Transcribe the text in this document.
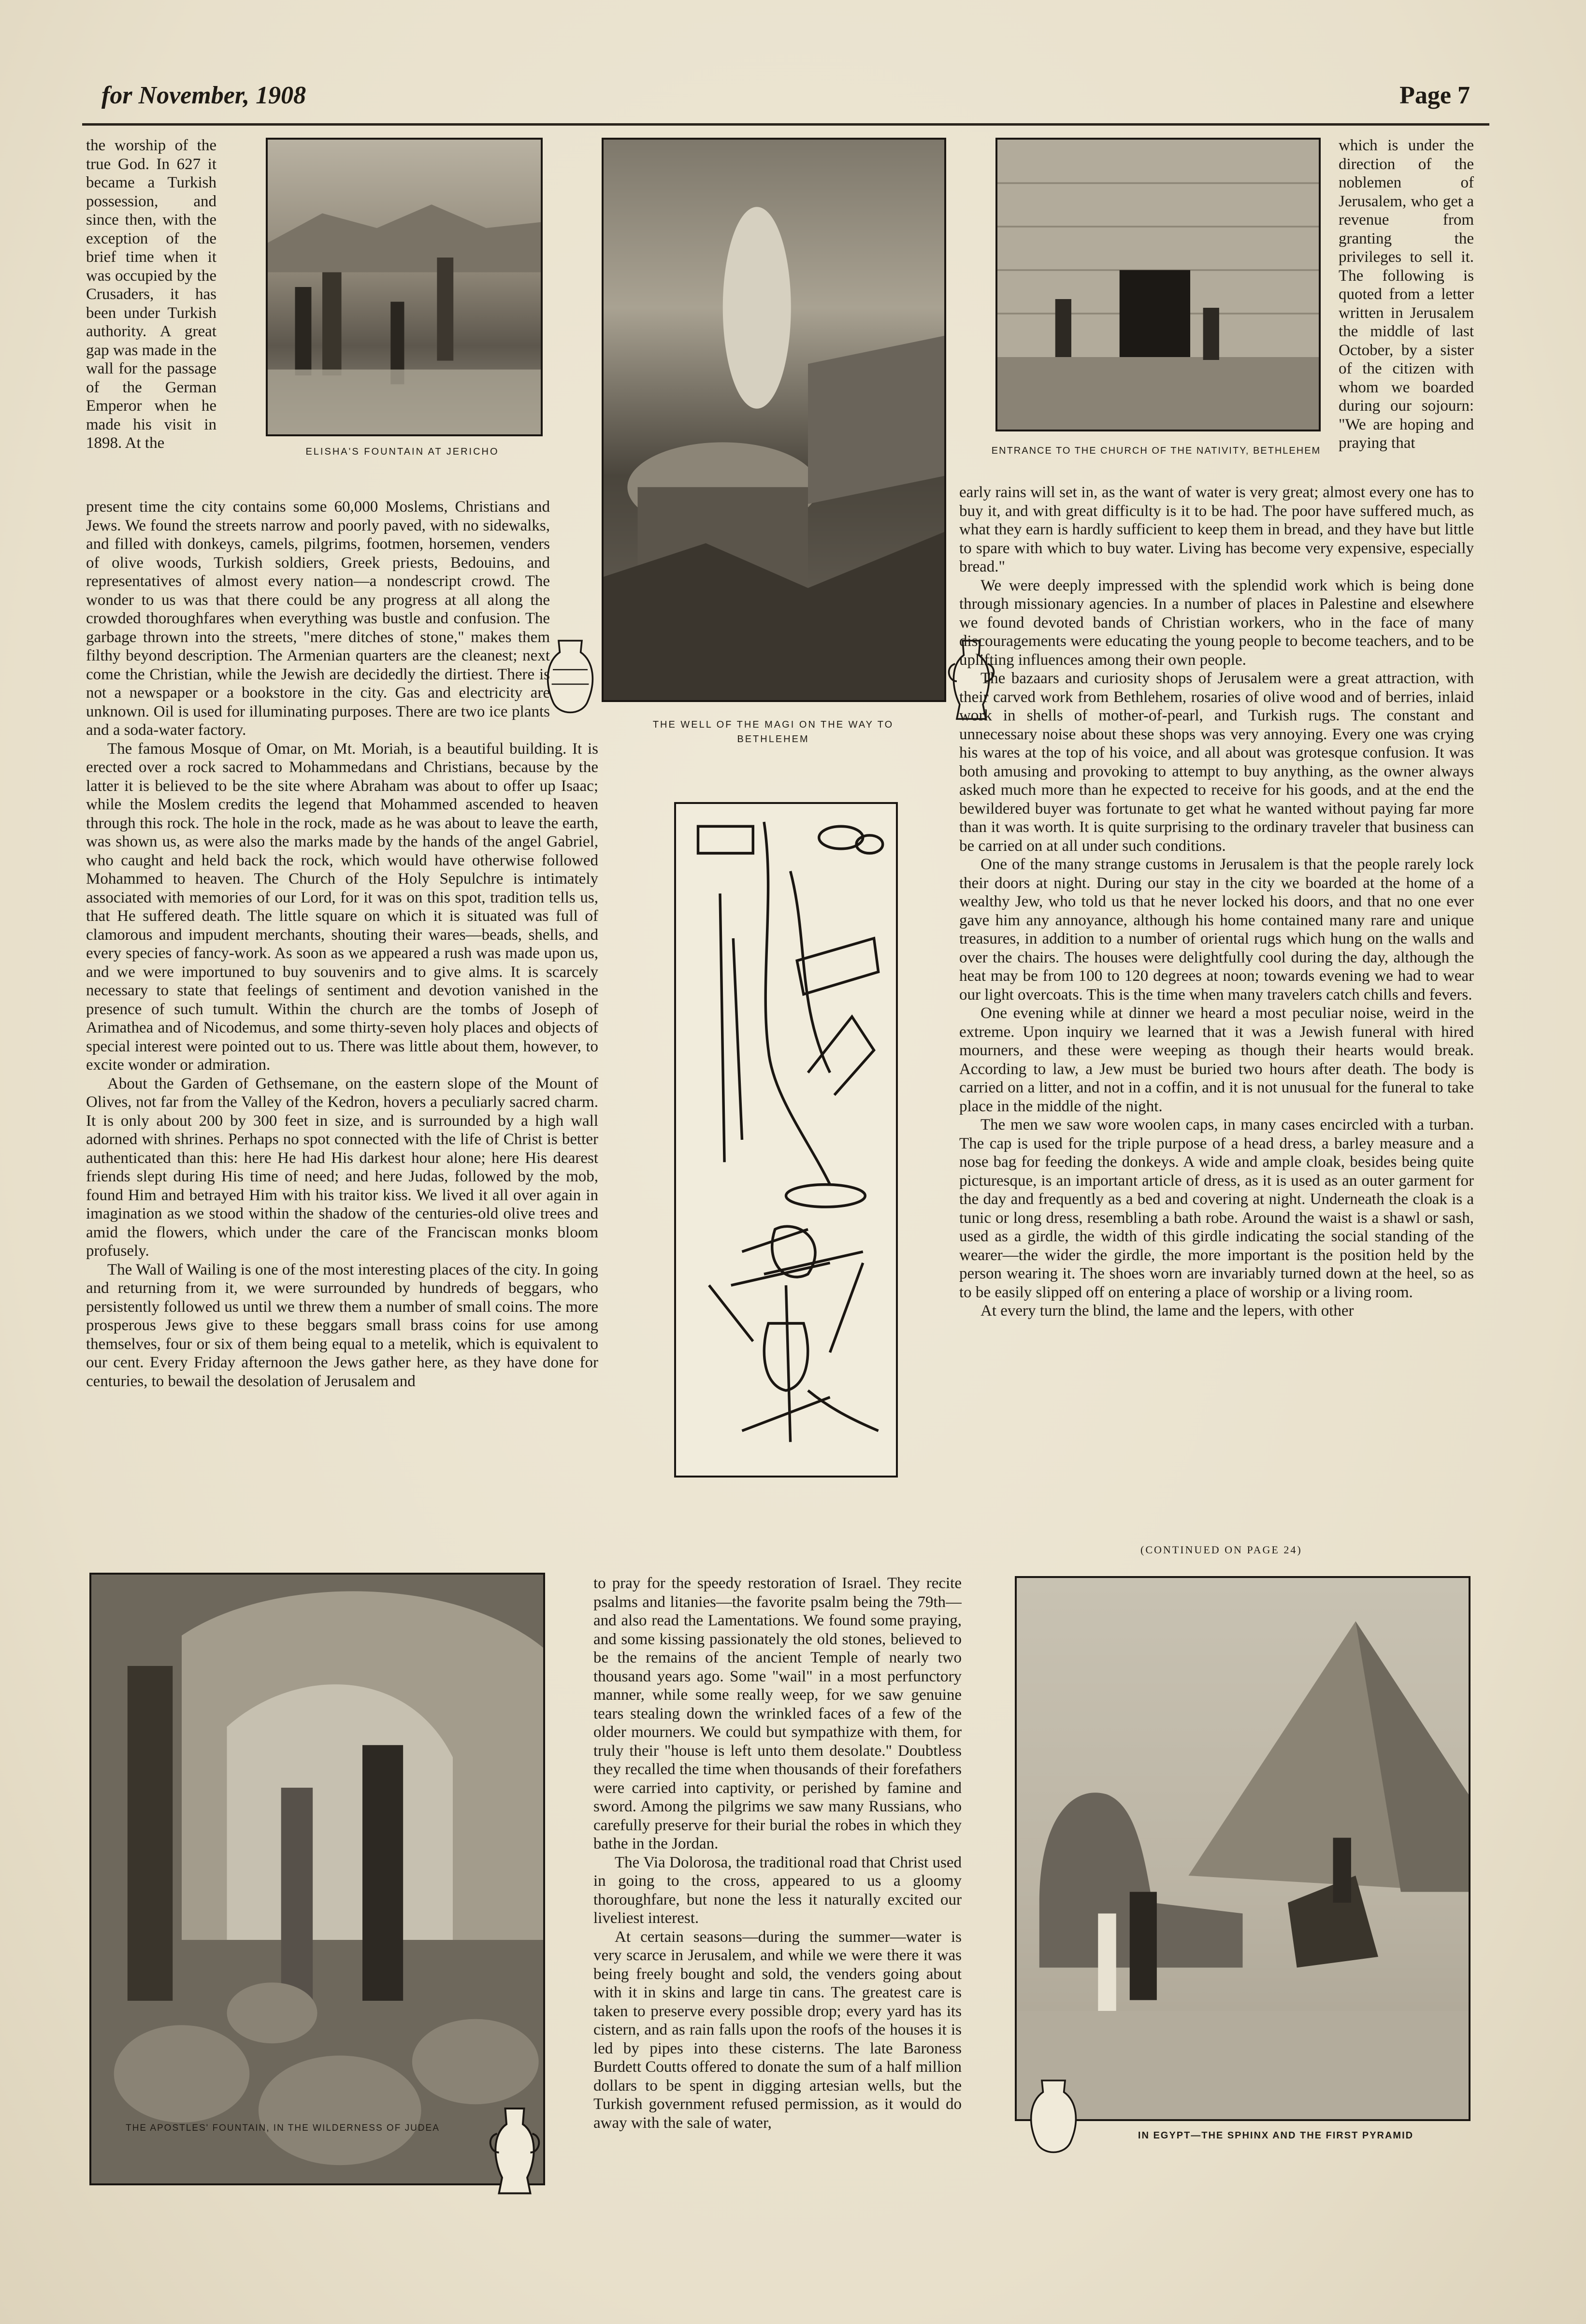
for November, 1908	Page 7

the worship of the true God. In 627 it became a Turkish possession, and since then, with the exception of the brief time when it was occupied by the Crusaders, it has been under Turkish authority. A great gap was made in the wall for the passage of the German Emperor when he made his visit in 1898. At the	ELISHA'S FOUNTAIN AT JERICHO
THE WELL OF THE MAGI ON THE WAY TO BETHLEHEM
ENTRANCE TO THE CHURCH OF THE NATIVITY, BETHLEHEM

which is under the direction of the noblemen of Jerusalem, who get a revenue from granting the privileges to sell it. The following is quoted from a letter written in Jerusalem the middle of last October, by a sister of the citizen with whom we boarded during our sojourn: "We are hoping and praying that

present time the city contains some 60,000 Moslems, Christians and Jews. We found the streets narrow and poorly paved, with no sidewalks, and filled with donkeys, camels, pilgrims, footmen, horsemen, venders of olive woods, Turkish soldiers, Greek priests, Bedouins, and representatives of almost every nation—a nondescript crowd. The wonder to us was that there could be any progress at all along the crowded thoroughfares when everything was bustle and confusion. The garbage thrown into the streets, "mere ditches of stone," makes them filthy beyond description. The Armenian quarters are the cleanest; next come the Christian, while the Jewish are decidedly the dirtiest. There is not a newspaper or a bookstore in the city. Gas and electricity are unknown. Oil is used for illuminating purposes. There are two ice plants and a soda-water factory.

The famous Mosque of Omar, on Mt. Moriah, is a beautiful building. It is erected over a rock sacred to Mohammedans and Christians, because by the latter it is believed to be the site where Abraham was about to offer up Isaac; while the Moslem credits the legend that Mohammed ascended to heaven through this rock. The hole in the rock, made as he was about to leave the earth, was shown us, as were also the marks made by the hands of the angel Gabriel, who caught and held back the rock, which would have otherwise followed Mohammed to heaven. The Church of the Holy Sepulchre is intimately associated with memories of our Lord, for it was on this spot, tradition tells us, that He suffered death. The little square on which it is situated was full of clamorous and impudent merchants, shouting their wares—beads, shells, and every species of fancy-work. As soon as we appeared a rush was made upon us, and we were importuned to buy souvenirs and to give alms. It is scarcely necessary to state that feelings of sentiment and devotion vanished in the presence of such tumult. Within the church are the tombs of Joseph of Arimathea and of Nicodemus, and some thirty-seven holy places and objects of special interest were pointed out to us. There was little about them, however, to excite wonder or admiration.

About the Garden of Gethsemane, on the eastern slope of the Mount of Olives, not far from the Valley of the Kedron, hovers a peculiarly sacred charm. It is only about 200 by 300 feet in size, and is surrounded by a high wall adorned with shrines. Perhaps no spot connected with the life of Christ is better authenticated than this: here He had His darkest hour alone; here His dearest friends slept during His time of need; and here Judas, followed by the mob, found Him and betrayed Him with his traitor kiss. We lived it all over again in imagination as we stood within the shadow of the centuries-old olive trees and amid the flowers, which under the care of the Franciscan monks bloom profusely.

The Wall of Wailing is one of the most interesting places of the city. In going and returning from it, we were surrounded by hundreds of beggars, who persistently followed us until we threw them a number of small coins. The more prosperous Jews give to these beggars small brass coins for use among themselves, four or six of them being equal to a metelik, which is equivalent to our cent. Every Friday afternoon the Jews gather here, as they have done for centuries, to bewail the desolation of Jerusalem and

early rains will set in, as the want of water is very great; almost every one has to buy it, and with great difficulty is it to be had. The poor have suffered much, as what they earn is hardly sufficient to keep them in bread, and they have but little to spare with which to buy water. Living has become very expensive, especially bread."

We were deeply impressed with the splendid work which is being done through missionary agencies. In a number of places in Palestine and elsewhere we found devoted bands of Christian workers, who in the face of many discouragements were educating the young people to become teachers, and to be uplifting influences among their own people.

The bazaars and curiosity shops of Jerusalem were a great attraction, with their carved work from Bethlehem, rosaries of olive wood and of berries, inlaid work in shells of mother-of-pearl, and Turkish rugs. The constant and unnecessary noise about these shops was very annoying. Every one was crying his wares at the top of his voice, and all about was grotesque confusion. It was both amusing and provoking to attempt to buy anything, as the owner always asked much more than he expected to receive for his goods, and at the end the bewildered buyer was fortunate to get what he wanted without paying far more than it was worth. It is quite surprising to the ordinary traveler that business can be carried on at all under such conditions.

One of the many strange customs in Jerusalem is that the people rarely lock their doors at night. During our stay in the city we boarded at the home of a wealthy Jew, who told us that he never locked his doors, and that no one ever gave him any annoyance, although his home contained many rare and unique treasures, in addition to a number of oriental rugs which hung on the walls and over the chairs. The houses were delightfully cool during the day, although the heat may be from 100 to 120 degrees at noon; towards evening we had to wear our light overcoats. This is the time when many travelers catch chills and fevers.

One evening while at dinner we heard a most peculiar noise, weird in the extreme. Upon inquiry we learned that it was a Jewish funeral with hired mourners, and these were weeping as though their hearts would break. According to law, a Jew must be buried two hours after death. The body is carried on a litter, and not in a coffin, and it is not unusual for the funeral to take place in the middle of the night.

The men we saw wore woolen caps, in many cases encircled with a turban. The cap is used for the triple purpose of a head dress, a barley measure and a nose bag for feeding the donkeys. A wide and ample cloak, besides being quite picturesque, is an important article of dress, as it is used as an outer garment for the day and frequently as a bed and covering at night. Underneath the cloak is a tunic or long dress, resembling a bath robe. Around the waist is a shawl or sash, used as a girdle, the width of this girdle indicating the social standing of the wearer—the wider the girdle, the more important is the position held by the person wearing it. The shoes worn are invariably turned down at the heel, so as to be easily slipped off on entering a place of worship or a living room.

At every turn the blind, the lame and the lepers, with other

(CONTINUED ON PAGE 24)
THE APOSTLES' FOUNTAIN, IN THE WILDERNESS OF JUDEA

to pray for the speedy restoration of Israel. They recite psalms and litanies—the favorite psalm being the 79th—and also read the Lamentations. We found some praying, and some kissing passionately the old stones, believed to be the remains of the ancient Temple of nearly two thousand years ago. Some "wail" in a most perfunctory manner, while some really weep, for we saw genuine tears stealing down the wrinkled faces of a few of the older mourners. We could but sympathize with them, for truly their "house is left unto them desolate." Doubtless they recalled the time when thousands of their forefathers were carried into captivity, or perished by famine and sword. Among the pilgrims we saw many Russians, who carefully preserve for their burial the robes in which they bathe in the Jordan.

The Via Dolorosa, the traditional road that Christ used in going to the cross, appeared to us a gloomy thoroughfare, but none the less it naturally excited our liveliest interest.

At certain seasons—during the summer—water is very scarce in Jerusalem, and while we were there it was being freely bought and sold, the venders going about with it in skins and large tin cans. The greatest care is taken to preserve every possible drop; every yard has its cistern, and as rain falls upon the roofs of the houses it is led by pipes into these cisterns. The late Baroness Burdett Coutts offered to donate the sum of a half million dollars to be spent in digging artesian wells, but the Turkish government refused permission, as it would do away with the sale of water,

IN EGYPT—THE SPHINX AND THE FIRST PYRAMID
